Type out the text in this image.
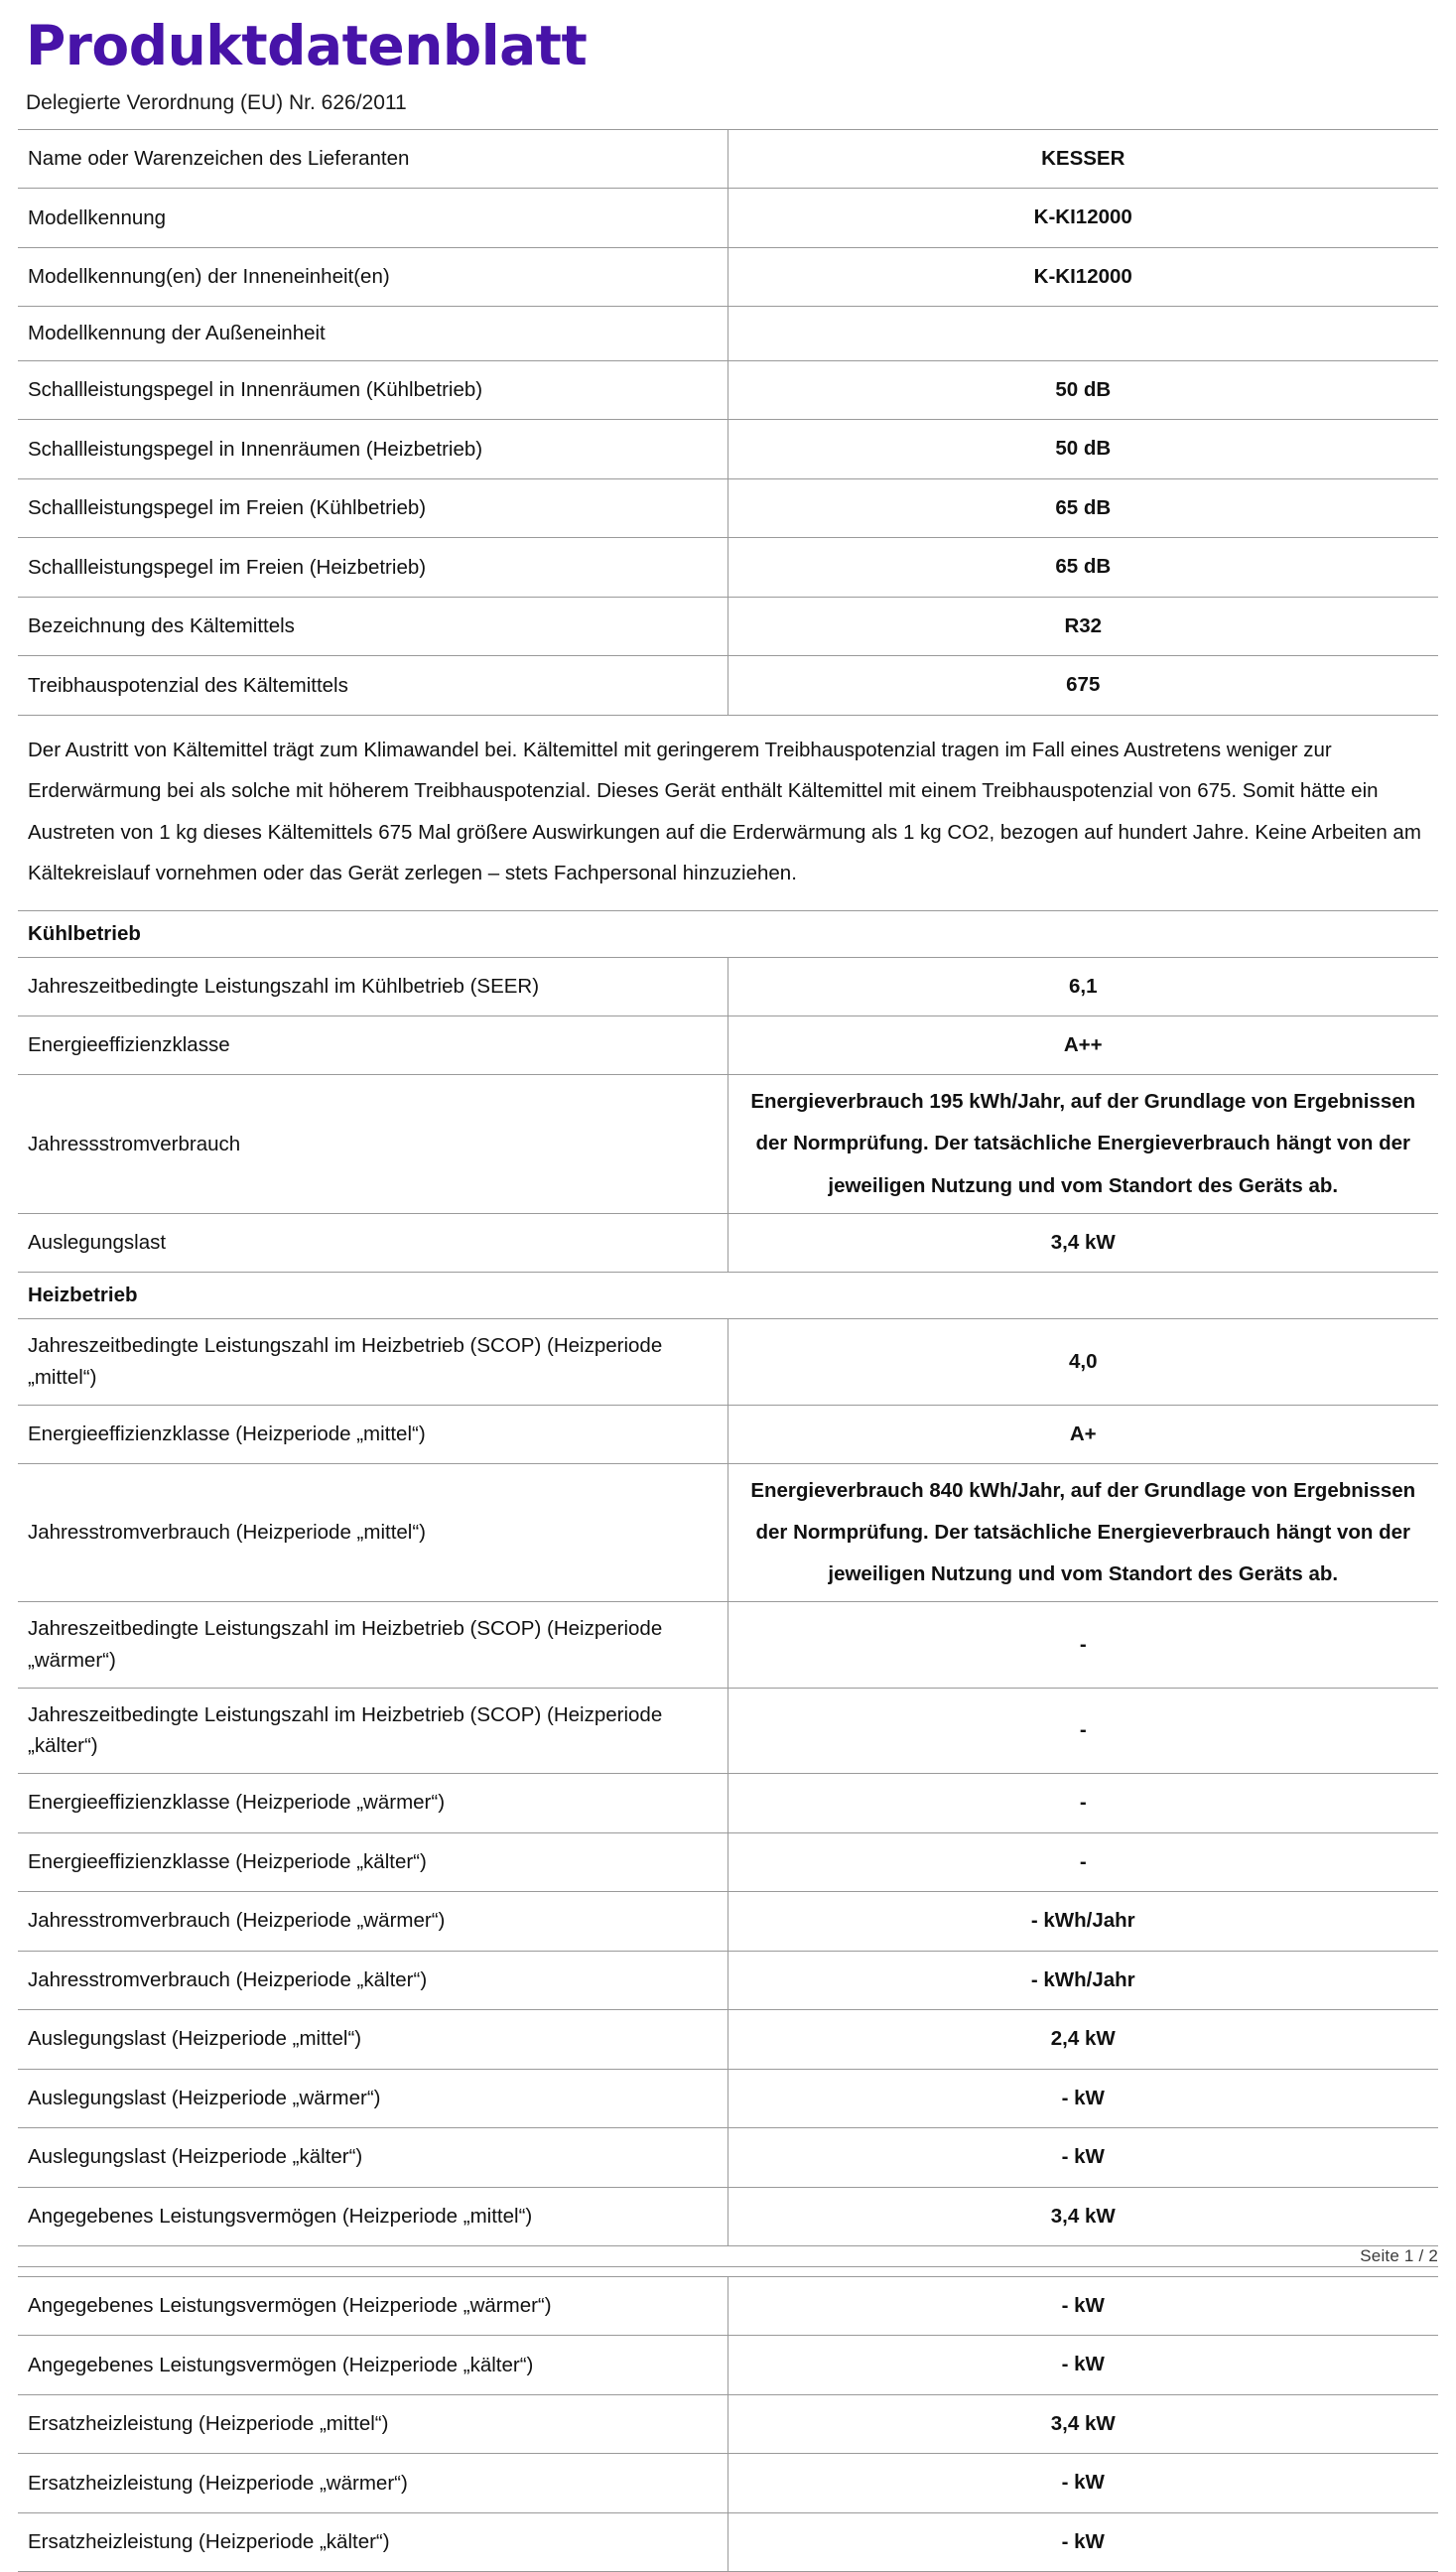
Produktdatenblatt
Delegierte Verordnung (EU) Nr. 626/2011
Name oder Warenzeichen des Lieferanten	KESSER
Modellkennung	K-KI12000
Modellkennung(en) der Inneneinheit(en)	K-KI12000
Modellkennung der Außeneinheit	
Schallleistungspegel in Innenräumen (Kühlbetrieb)	50 dB
Schallleistungspegel in Innenräumen (Heizbetrieb)	50 dB
Schallleistungspegel im Freien (Kühlbetrieb)	65 dB
Schallleistungspegel im Freien (Heizbetrieb)	65 dB
Bezeichnung des Kältemittels	R32
Treibhauspotenzial des Kältemittels	675
Der Austritt von Kältemittel trägt zum Klimawandel bei. Kältemittel mit geringerem Treibhauspotenzial tragen im Fall eines Austretens weniger zur Erderwärmung bei als solche mit höherem Treibhauspotenzial. Dieses Gerät enthält Kältemittel mit einem Treibhauspotenzial von 675. Somit hätte ein Austreten von 1 kg dieses Kältemittels 675 Mal größere Auswirkungen auf die Erderwärmung als 1 kg CO2, bezogen auf hundert Jahre. Keine Arbeiten am Kältekreislauf vornehmen oder das Gerät zerlegen – stets Fachpersonal hinzuziehen.	
Kühlbetrieb	
Jahreszeitbedingte Leistungszahl im Kühlbetrieb (SEER)	6,1
Energieeffizienzklasse	A++
Jahressstromverbrauch	Energieverbrauch 195 kWh/Jahr, auf der Grundlage von Ergebnissen der Normprüfung. Der tatsächliche Energieverbrauch hängt von der jeweiligen Nutzung und vom Standort des Geräts ab.

Auslegungslast	3,4 kW
Heizbetrieb	
Jahreszeitbedingte Leistungszahl im Heizbetrieb (SCOP) (Heizperiode „mittel“)	4,0
Energieeffizienzklasse (Heizperiode „mittel“)	A+
Jahresstromverbrauch (Heizperiode „mittel“)	Energieverbrauch 840 kWh/Jahr, auf der Grundlage von Ergebnissen der Normprüfung. Der tatsächliche Energieverbrauch hängt von der jeweiligen Nutzung und vom Standort des Geräts ab.

Jahreszeitbedingte Leistungszahl im Heizbetrieb (SCOP) (Heizperiode „wärmer“)	-
Jahreszeitbedingte Leistungszahl im Heizbetrieb (SCOP) (Heizperiode „kälter“)	-
Energieeffizienzklasse (Heizperiode „wärmer“)	-
Energieeffizienzklasse (Heizperiode „kälter“)	-
Jahresstromverbrauch (Heizperiode „wärmer“)	- kWh/Jahr
Jahresstromverbrauch (Heizperiode „kälter“)	- kWh/Jahr
Auslegungslast (Heizperiode „mittel“)	2,4 kW
Auslegungslast (Heizperiode „wärmer“)	- kW
Auslegungslast (Heizperiode „kälter“)	- kW
Angegebenes Leistungsvermögen (Heizperiode „mittel“)	3,4 kW

Seite 1 / 2	

Angegebenes Leistungsvermögen (Heizperiode „wärmer“)	- kW
Angegebenes Leistungsvermögen (Heizperiode „kälter“)	- kW
Ersatzheizleistung (Heizperiode „mittel“)	3,4 kW
Ersatzheizleistung (Heizperiode „wärmer“)	- kW
Ersatzheizleistung (Heizperiode „kälter“)	- kW
